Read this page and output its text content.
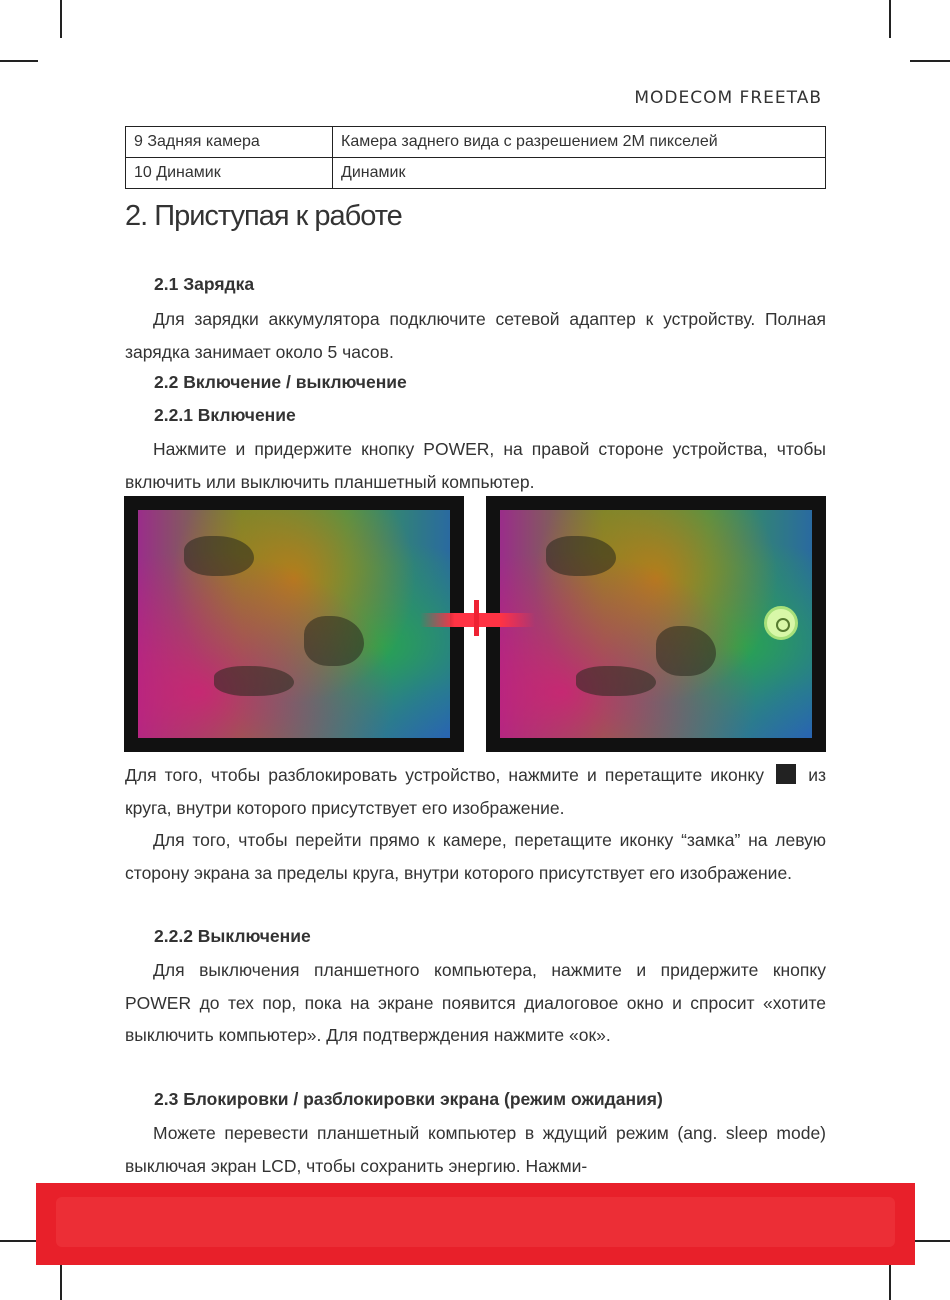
MODECOM FREETAB
9 Задняя камера	Камера заднего вида с разрешением 2M пикселей
10 Динамик	Динамик
2. Приступая к работе
2.1 Зарядка
Для зарядки аккумулятора подключите сетевой адаптер к устройству. Полная зарядка занимает около 5 часов.
2.2 Включение / выключение
2.2.1 Включение
Нажмите и придержите кнопку POWER, на правой стороне устройства, чтобы включить или выключить планшетный компьютер.
Для того, чтобы разблокировать устройство, нажмите и перетащите иконку	из круга, внутри которого присутствует его изображение.
Для того, чтобы перейти прямо к камере, перетащите иконку “замка” на левую сторону экрана за пределы круга, внутри которого присутствует его изображение.
2.2.2 Выключение
Для выключения планшетного компьютера, нажмите и придержите кнопку POWER до тех пор, пока на экране появится диалоговое окно и спросит «хотите выключить компьютер». Для подтверждения нажмите «ок».
2.3 Блокировки / разблокировки экрана (режим ожидания)
Можете перевести планшетный компьютер в ждущий режим (ang. sleep mode) выключая экран LCD, чтобы сохранить энергию. Нажми-
